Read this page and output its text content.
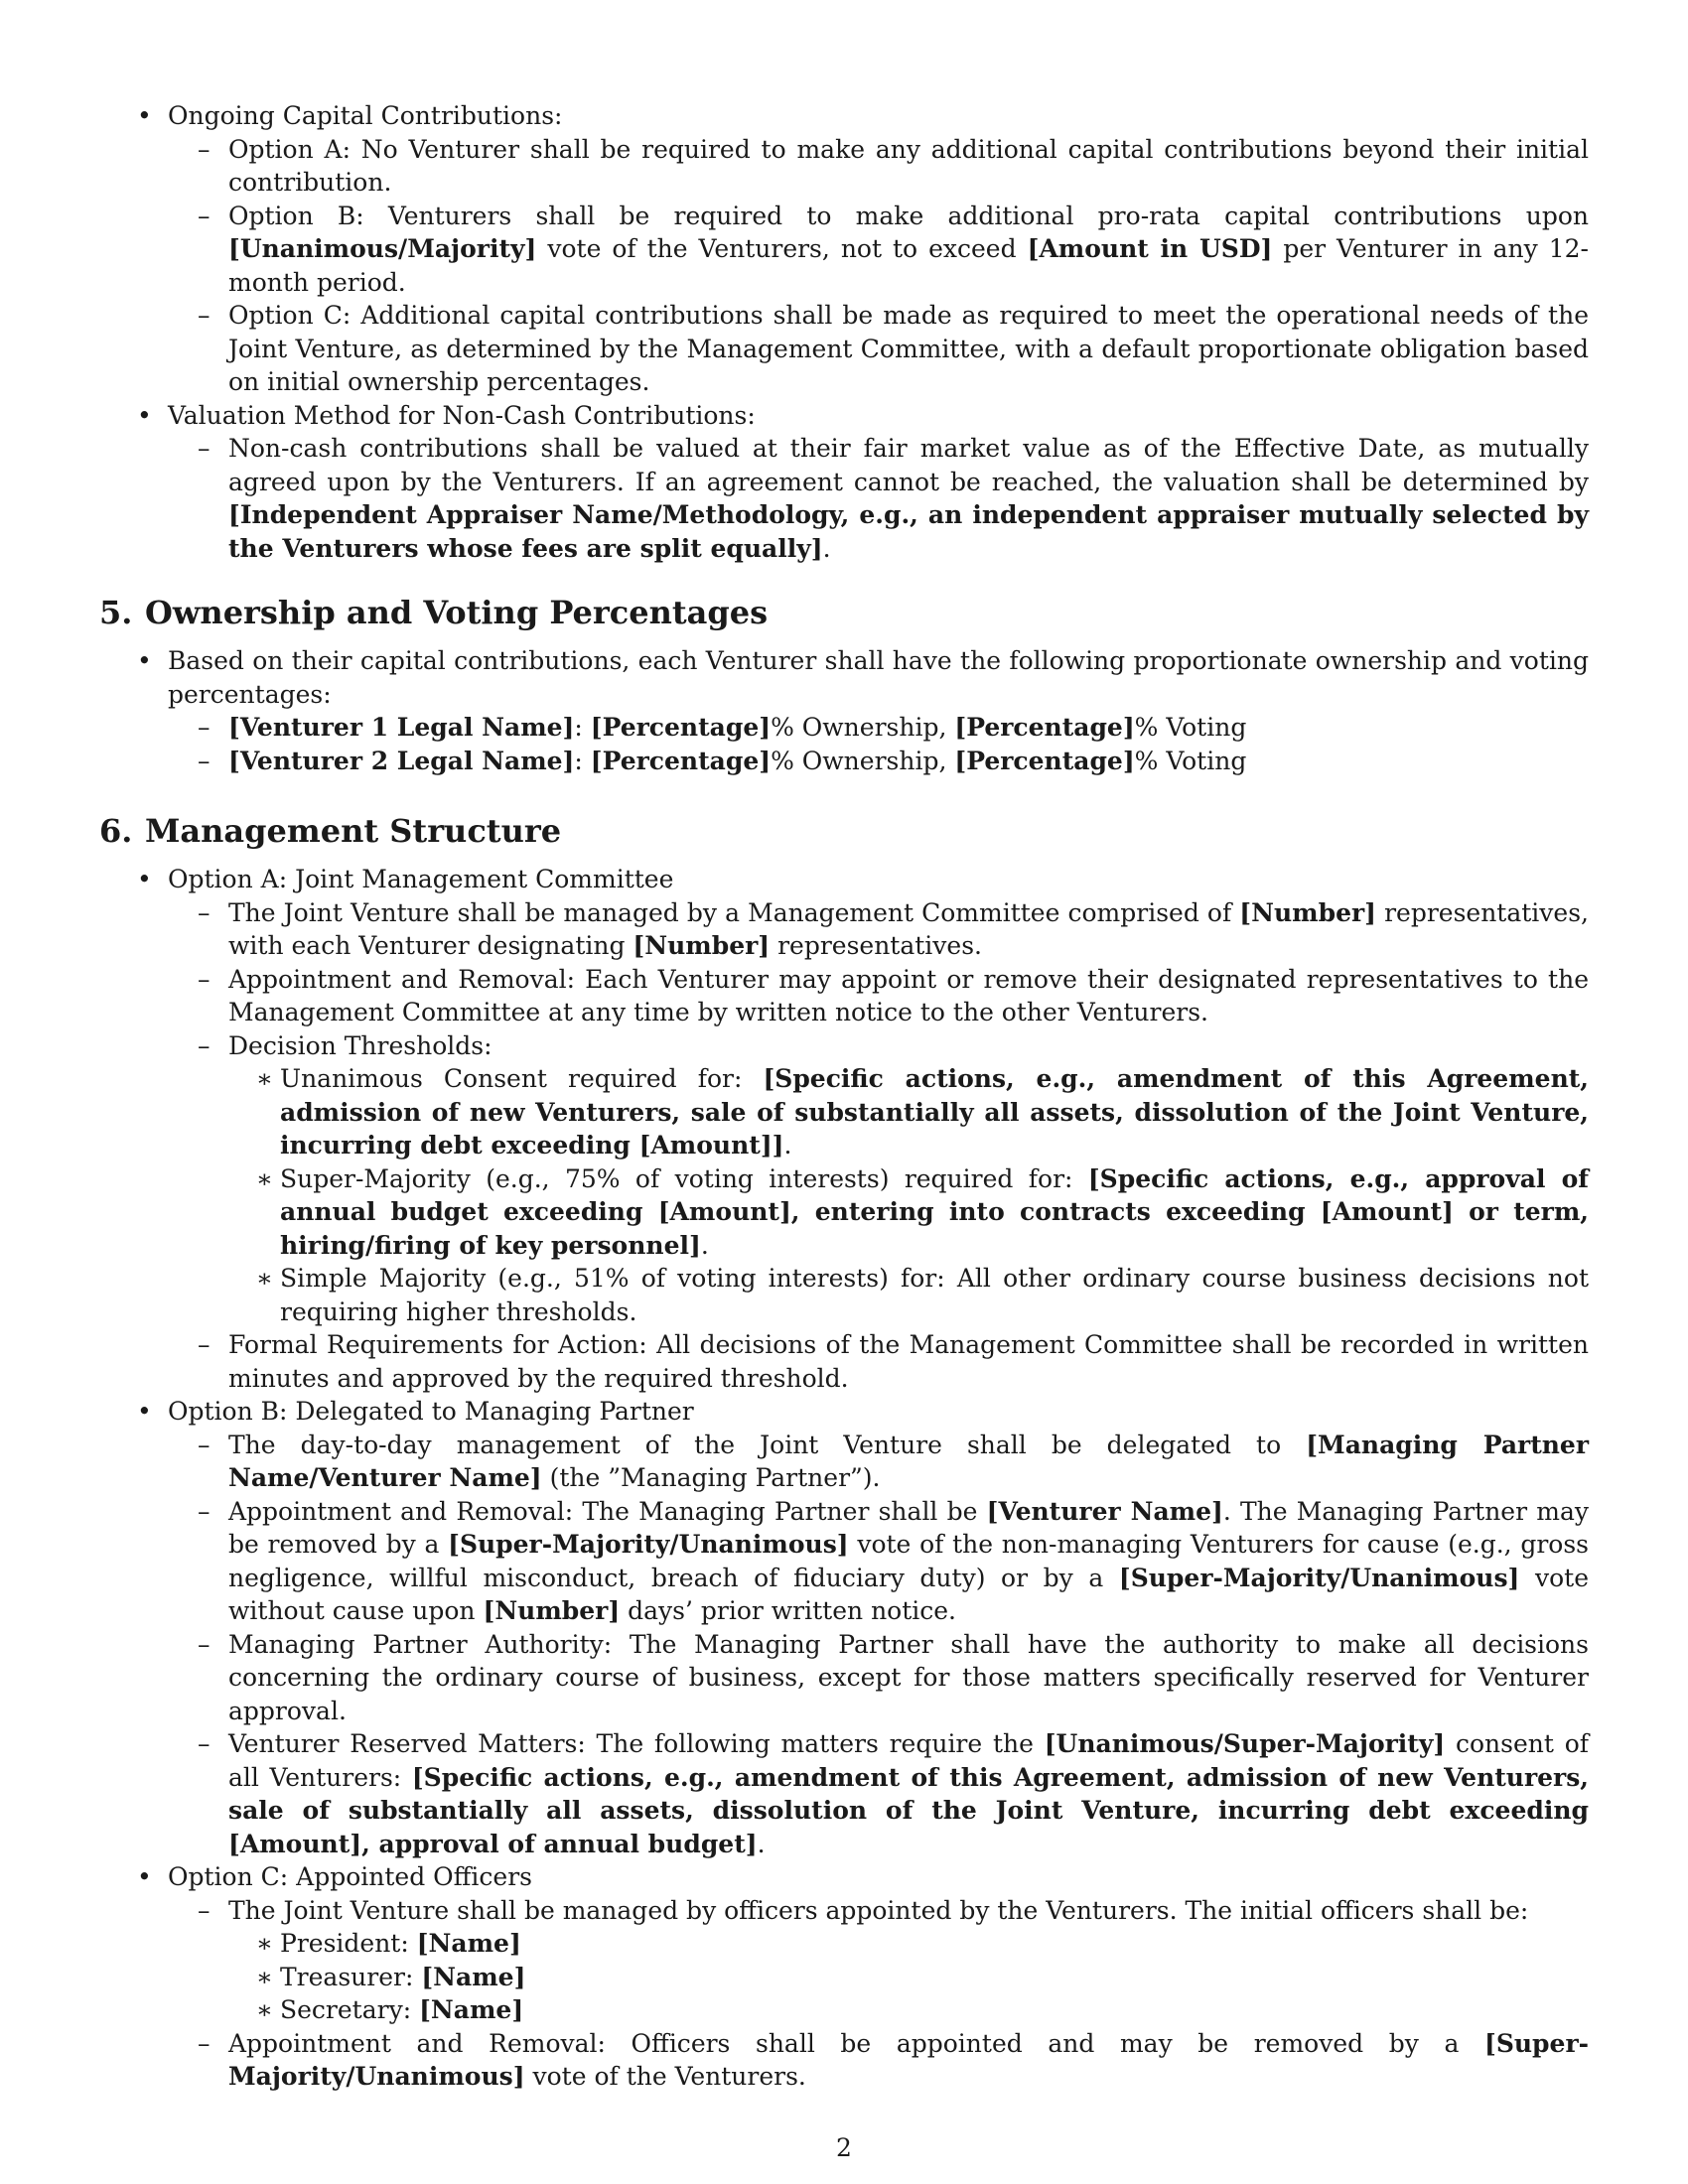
• Ongoing Capital Contributions:
– Option A: No Venturer shall be required to make any additional capital contributions beyond their initial contribution.
– Option B: Venturers shall be required to make additional pro-rata capital contributions upon [Unanimous/Majority] vote of the Venturers, not to exceed [Amount in USD] per Venturer in any 12-month period.
– Option C: Additional capital contributions shall be made as required to meet the operational needs of the Joint Venture, as determined by the Management Committee, with a default proportionate obligation based on initial ownership percentages.
• Valuation Method for Non-Cash Contributions:
– Non-cash contributions shall be valued at their fair market value as of the Effective Date, as mutually agreed upon by the Venturers. If an agreement cannot be reached, the valuation shall be determined by [Independent Appraiser Name/Methodology, e.g., an independent appraiser mutually selected by the Venturers whose fees are split equally].
5. Ownership and Voting Percentages
• Based on their capital contributions, each Venturer shall have the following proportionate ownership and voting percentages:
– [Venturer 1 Legal Name]: [Percentage]% Ownership, [Percentage]% Voting
– [Venturer 2 Legal Name]: [Percentage]% Ownership, [Percentage]% Voting
6. Management Structure
• Option A: Joint Management Committee
– The Joint Venture shall be managed by a Management Committee comprised of [Number] representatives, with each Venturer designating [Number] representatives.
– Appointment and Removal: Each Venturer may appoint or remove their designated representatives to the Management Committee at any time by written notice to the other Venturers.
– Decision Thresholds:
∗ Unanimous Consent required for: [Specific actions, e.g., amendment of this Agreement, admission of new Venturers, sale of substantially all assets, dissolution of the Joint Venture, incurring debt exceeding [Amount]].
∗ Super-Majority (e.g., 75% of voting interests) required for: [Specific actions, e.g., approval of annual budget exceeding [Amount], entering into contracts exceeding [Amount] or term, hiring/firing of key personnel].
∗ Simple Majority (e.g., 51% of voting interests) for: All other ordinary course business decisions not requiring higher thresholds.
– Formal Requirements for Action: All decisions of the Management Committee shall be recorded in written minutes and approved by the required threshold.
• Option B: Delegated to Managing Partner
– The day-to-day management of the Joint Venture shall be delegated to [Managing Partner Name/Venturer Name] (the ”Managing Partner”).
– Appointment and Removal: The Managing Partner shall be [Venturer Name]. The Managing Partner may be removed by a [Super-Majority/Unanimous] vote of the non-managing Venturers for cause (e.g., gross negligence, willful misconduct, breach of fiduciary duty) or by a [Super-Majority/Unanimous] vote without cause upon [Number] days’ prior written notice.
– Managing Partner Authority: The Managing Partner shall have the authority to make all decisions concerning the ordinary course of business, except for those matters specifically reserved for Venturer approval.
– Venturer Reserved Matters: The following matters require the [Unanimous/Super-Majority] consent of all Venturers: [Specific actions, e.g., amendment of this Agreement, admission of new Venturers, sale of substantially all assets, dissolution of the Joint Venture, incurring debt exceeding [Amount], approval of annual budget].
• Option C: Appointed Officers
– The Joint Venture shall be managed by officers appointed by the Venturers. The initial officers shall be:
∗ President: [Name]
∗ Treasurer: [Name]
∗ Secretary: [Name]
– Appointment and Removal: Officers shall be appointed and may be removed by a [Super-Majority/Unanimous] vote of the Venturers.
2
